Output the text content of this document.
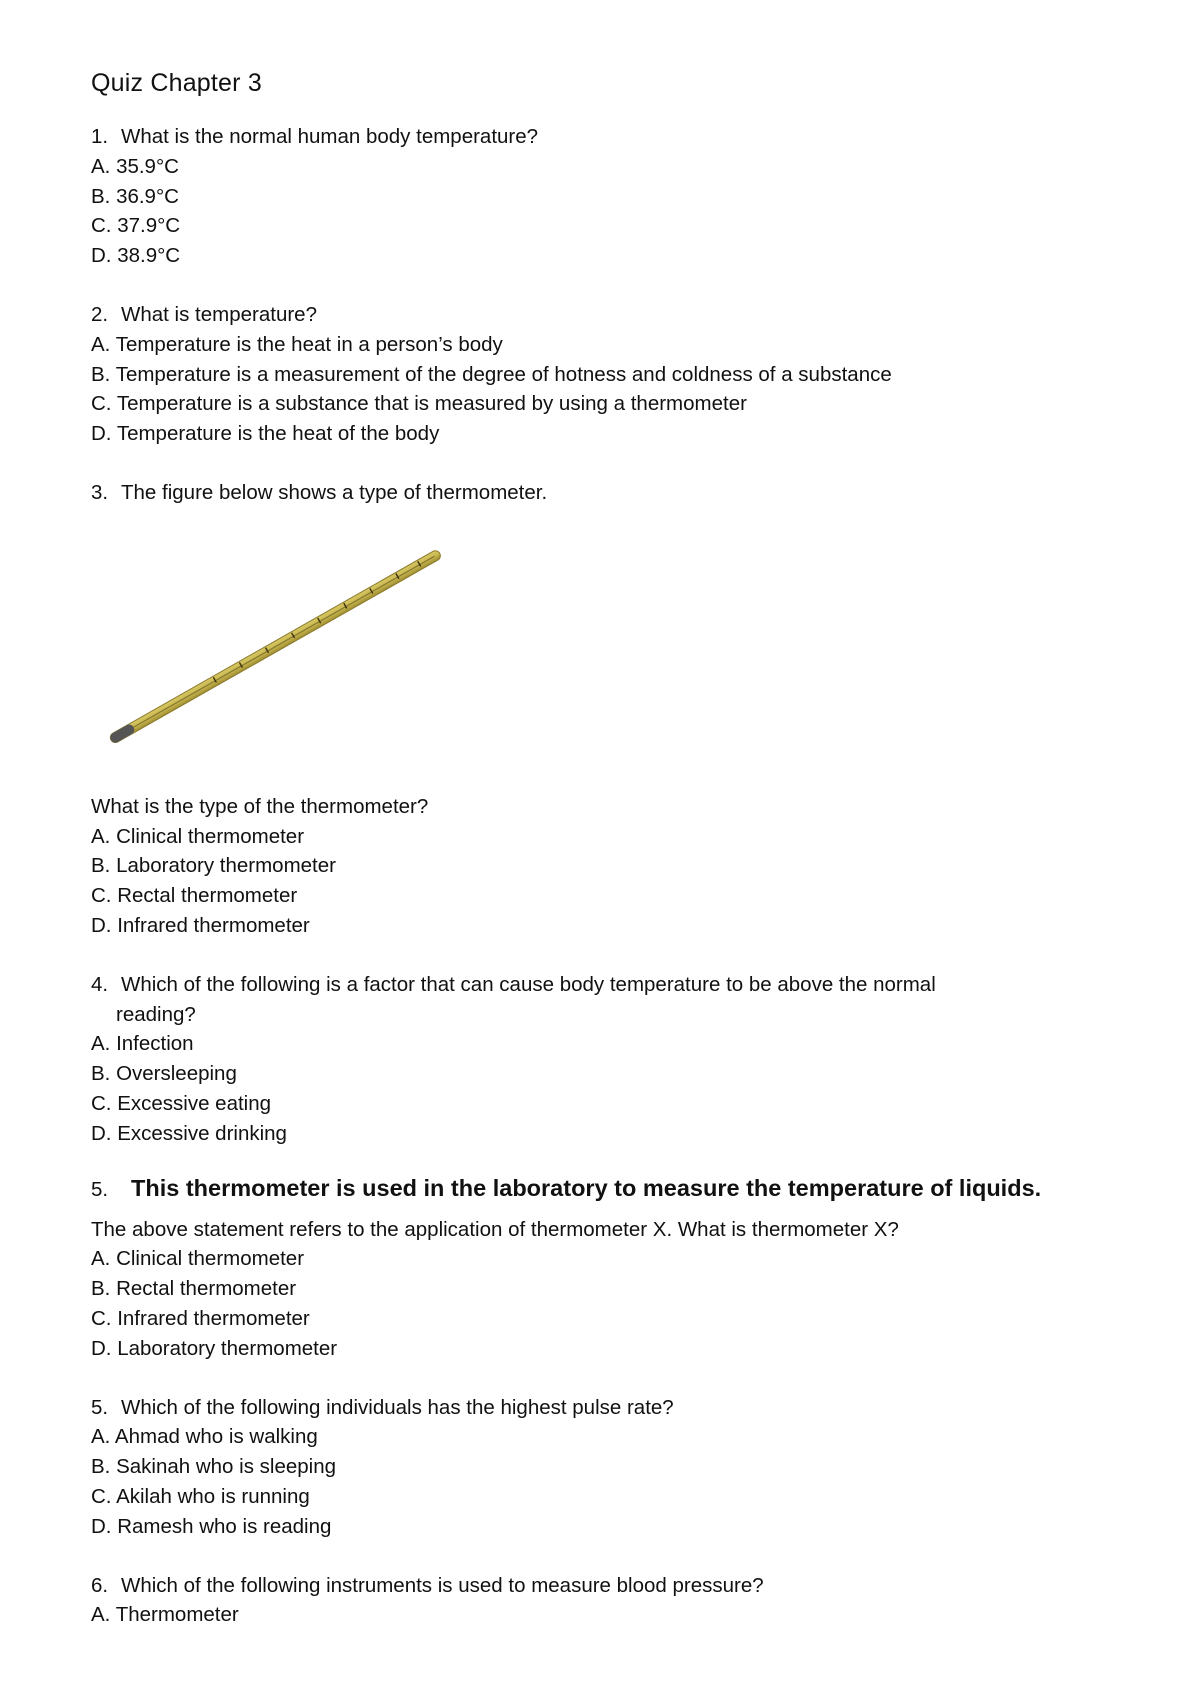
Quiz Chapter 3
1. What is the normal human body temperature?
A. 35.9°C
B. 36.9°C
C. 37.9°C
D. 38.9°C
2. What is temperature?
A. Temperature is the heat in a person’s body
B. Temperature is a measurement of the degree of hotness and coldness of a substance
C. Temperature is a substance that is measured by using a thermometer
D. Temperature is the heat of the body
3. The figure below shows a type of thermometer.
What is the type of the thermometer?
A. Clinical thermometer
B. Laboratory thermometer
C. Rectal thermometer
D. Infrared thermometer
4. Which of the following is a factor that can cause body temperature to be above the normal
reading?
A. Infection
B. Oversleeping
C. Excessive eating
D. Excessive drinking
5. This thermometer is used in the laboratory to measure the temperature of liquids.
The above statement refers to the application of thermometer X. What is thermometer X?
A. Clinical thermometer
B. Rectal thermometer
C. Infrared thermometer
D. Laboratory thermometer
5. Which of the following individuals has the highest pulse rate?
A. Ahmad who is walking
B. Sakinah who is sleeping
C. Akilah who is running
D. Ramesh who is reading
6. Which of the following instruments is used to measure blood pressure?
A. Thermometer
